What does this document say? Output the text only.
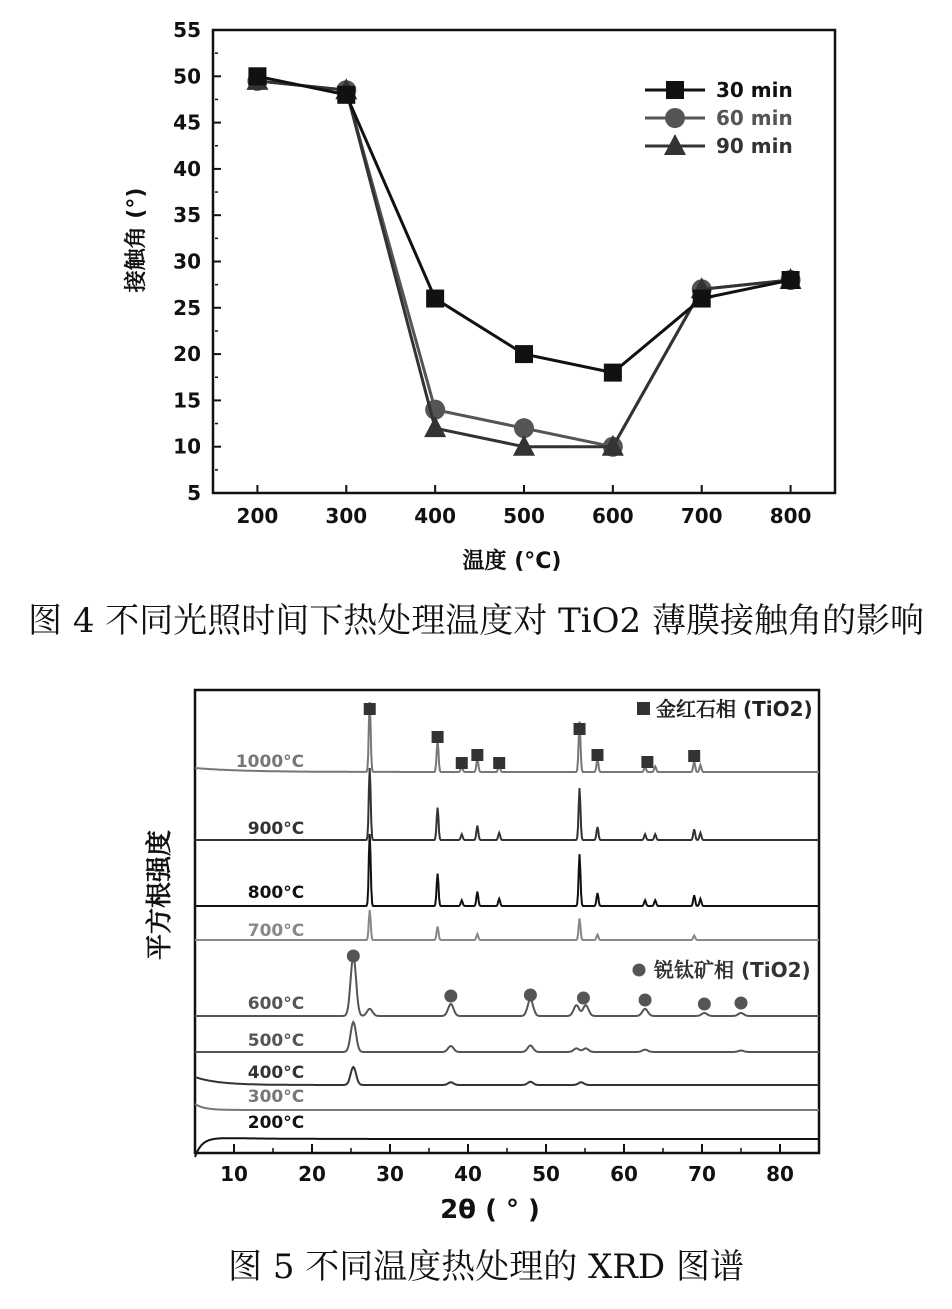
5
10
15
20
25
30
35
40
45
50
55
200 300 400 500 600 700 800
接触角 (°)
温度 (°C)
30 min
60 min
90 min
图 4 不同光照时间下热处理温度对 TiO2 薄膜接触角的影响
10	20	30	40	50	60	70	80
1000°C
900°C
800°C
700°C
600°C
500°C
400°C
300°C
200°C
平方根强度
2θ ( ° )
金红石相 (TiO2)
锐钛矿相 (TiO2)
图 5 不同温度热处理的 XRD 图谱
